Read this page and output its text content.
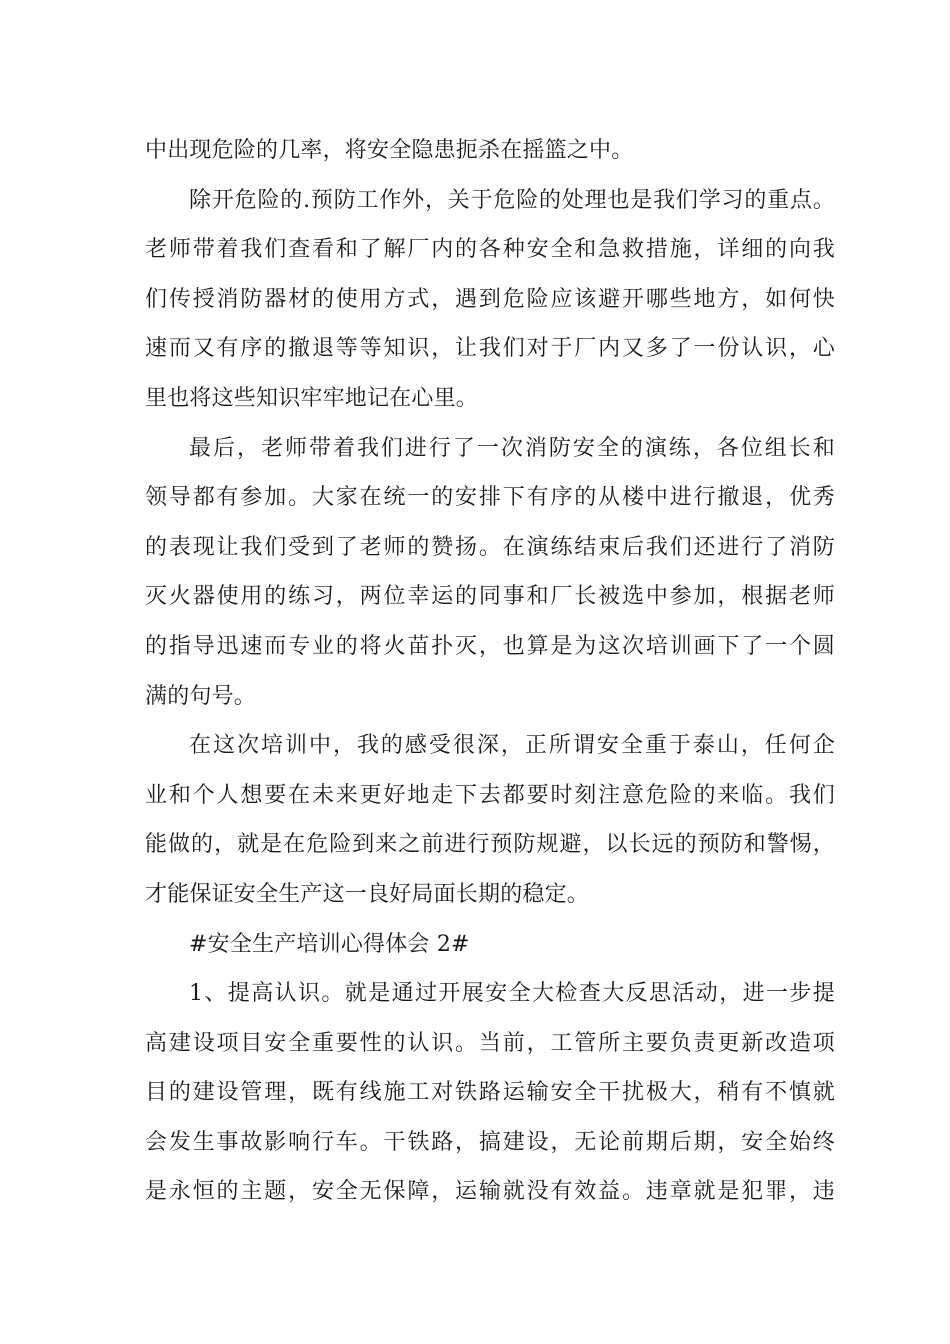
中出现危险的几率，将安全隐患扼杀在摇篮之中。
除开危险的.预防工作外，关于危险的处理也是我们学习的重点。
老师带着我们查看和了解厂内的各种安全和急救措施，详细的向我
们传授消防器材的使用方式，遇到危险应该避开哪些地方，如何快
速而又有序的撤退等等知识，让我们对于厂内又多了一份认识，心
里也将这些知识牢牢地记在心里。
最后，老师带着我们进行了一次消防安全的演练，各位组长和
领导都有参加。大家在统一的安排下有序的从楼中进行撤退，优秀
的表现让我们受到了老师的赞扬。在演练结束后我们还进行了消防
灭火器使用的练习，两位幸运的同事和厂长被选中参加，根据老师
的指导迅速而专业的将火苗扑灭，也算是为这次培训画下了一个圆
满的句号。
在这次培训中，我的感受很深，正所谓安全重于泰山，任何企
业和个人想要在未来更好地走下去都要时刻注意危险的来临。我们
能做的，就是在危险到来之前进行预防规避，以长远的预防和警惕，
才能保证安全生产这一良好局面长期的稳定。
#安全生产培训心得体会 2#
1、提高认识。就是通过开展安全大检查大反思活动，进一步提
高建设项目安全重要性的认识。当前，工管所主要负责更新改造项
目的建设管理，既有线施工对铁路运输安全干扰极大，稍有不慎就
会发生事故影响行车。干铁路，搞建设，无论前期后期，安全始终
是永恒的主题，安全无保障，运输就没有效益。违章就是犯罪，违
